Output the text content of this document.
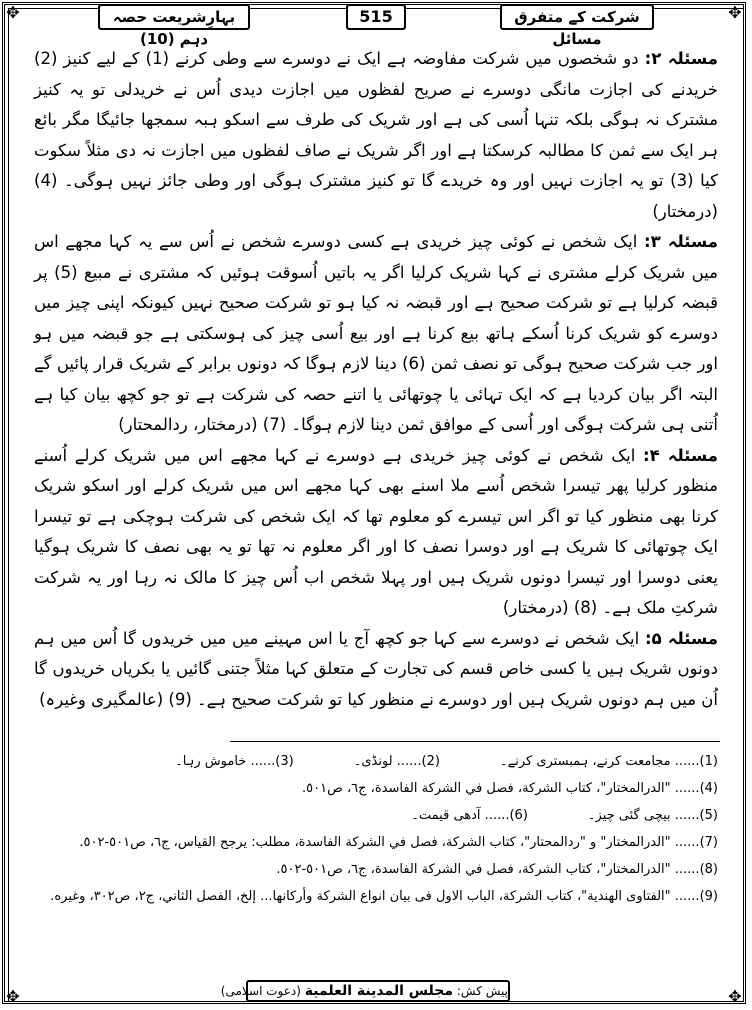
✥	✥
✥	✥
بہارِشریعت حصہ دہم (10)
515	شرکت کے متفرق مسائل

مسئلہ ۲: دو شخصوں میں شرکت مفاوضہ ہے ایک نے دوسرے سے وطی کرنے (1) کے لیے کنیز (2) خریدنے کی اجازت مانگی دوسرے نے صریح لفظوں میں اجازت دیدی اُس نے خریدلی تو یہ کنیز مشترک نہ ہوگی بلکہ تنہا اُسی کی ہے اور شریک کی طرف سے اسکو ہبہ سمجھا جائیگا مگر بائع ہر ایک سے ثمن کا مطالبہ کرسکتا ہے اور اگر شریک نے صاف لفظوں میں اجازت نہ دی مثلاً سکوت کیا (3) تو یہ اجازت نہیں اور وہ خریدے گا تو کنیز مشترک ہوگی اور وطی جائز نہیں ہوگی۔ (4) (درمختار)

مسئلہ ۳: ایک شخص نے کوئی چیز خریدی ہے کسی دوسرے شخص نے اُس سے یہ کہا مجھے اس میں شریک کرلے مشتری نے کہا شریک کرلیا اگر یہ باتیں اُسوقت ہوئیں کہ مشتری نے مبیع (5) پر قبضہ کرلیا ہے تو شرکت صحیح ہے اور قبضہ نہ کیا ہو تو شرکت صحیح نہیں کیونکہ اپنی چیز میں دوسرے کو شریک کرنا اُسکے ہاتھ بیع کرنا ہے اور بیع اُسی چیز کی ہوسکتی ہے جو قبضہ میں ہو اور جب شرکت صحیح ہوگی تو نصف ثمن (6) دینا لازم ہوگا کہ دونوں برابر کے شریک قرار پائیں گے البتہ اگر بیان کردیا ہے کہ ایک تہائی یا چوتھائی یا اتنے حصہ کی شرکت ہے تو جو کچھ بیان کیا ہے اُتنی ہی شرکت ہوگی اور اُسی کے موافق ثمن دینا لازم ہوگا۔ (7) (درمختار، ردالمحتار)

مسئلہ ۴: ایک شخص نے کوئی چیز خریدی ہے دوسرے نے کہا مجھے اس میں شریک کرلے اُسنے منظور کرلیا پھر تیسرا شخص اُسے ملا اسنے بھی کہا مجھے اس میں شریک کرلے اور اسکو شریک کرنا بھی منظور کیا تو اگر اس تیسرے کو معلوم تھا کہ ایک شخص کی شرکت ہوچکی ہے تو تیسرا ایک چوتھائی کا شریک ہے اور دوسرا نصف کا اور اگر معلوم نہ تھا تو یہ بھی نصف کا شریک ہوگیا یعنی دوسرا اور تیسرا دونوں شریک ہیں اور پہلا شخص اب اُس چیز کا مالک نہ رہا اور یہ شرکت شرکتِ ملک ہے۔ (8) (درمختار)

مسئلہ ۵: ایک شخص نے دوسرے سے کہا جو کچھ آج یا اس مہینے میں میں خریدوں گا اُس میں ہم دونوں شریک ہیں یا کسی خاص قسم کی تجارت کے متعلق کہا مثلاً جتنی گائیں یا بکریاں خریدوں گا اُن میں ہم دونوں شریک ہیں اور دوسرے نے منظور کیا تو شرکت صحیح ہے۔ (9) (عالمگیری وغیرہ)

(1)...... مجامعت کرنے، ہمبستری کرنے۔
(2)...... لونڈی۔
(3)...... خاموش رہا۔
(4)...... "الدرالمختار"، کتاب الشركة، فصل في الشركة الفاسدة، ج٦، ص٥٠١.
(5)...... بیچی گئی چیز۔
(6)...... آدھی قیمت۔
(7)...... "الدرالمختار" و "ردالمحتار"، کتاب الشركة، فصل في الشركة الفاسدة، مطلب: يرجح القياس، ج٦، ص٥٠١-٥٠٢.
(8)...... "الدرالمختار"، کتاب الشركة، فصل في الشركة الفاسدة، ج٦، ص٥٠١-٥٠٢.
(9)...... "الفتاوی الهندية"، کتاب الشركة، الباب الاول فی بيان انواع الشركة وأركانها... إلخ، الفصل الثاني، ج٢، ص٣٠٢، وغيره.
پیش کش: مجلس المدينة العلمية (دعوت اسلامی)
